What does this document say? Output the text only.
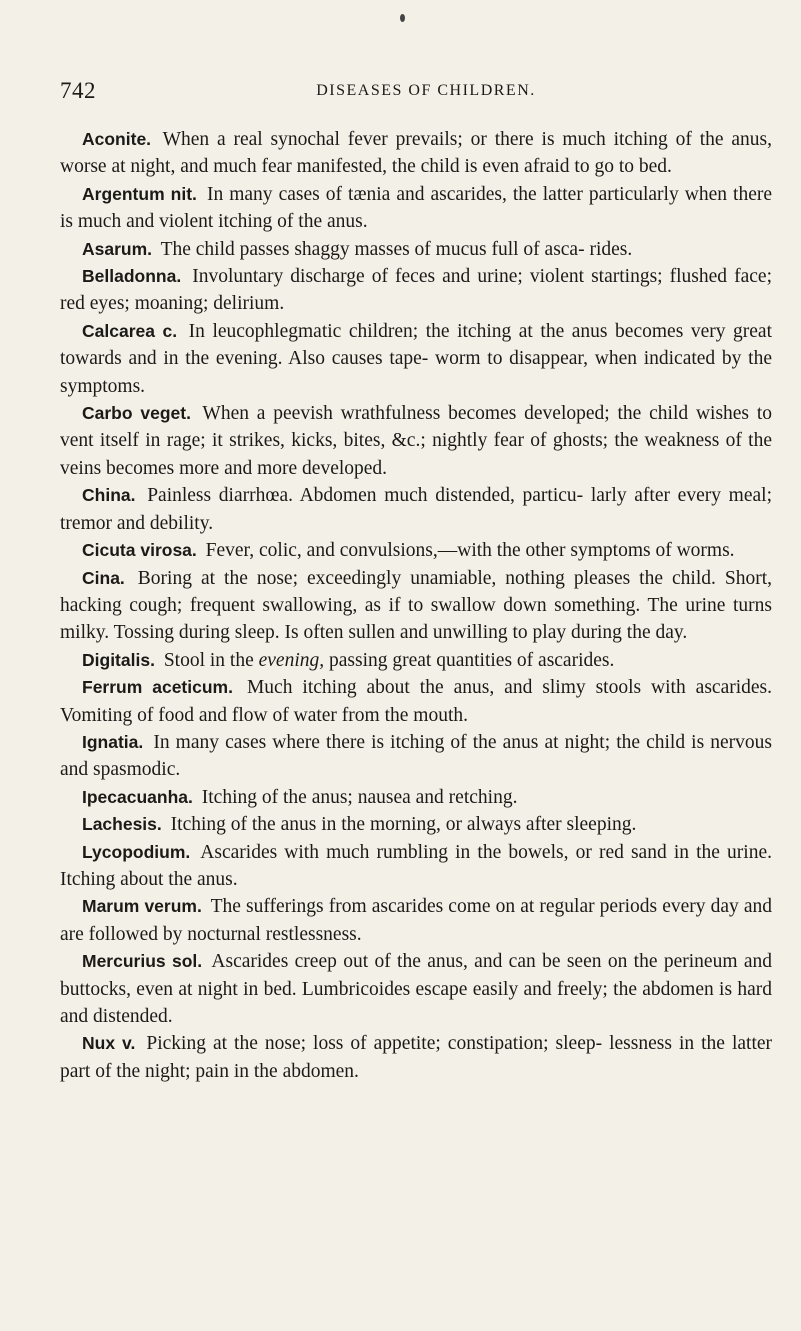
742	DISEASES OF CHILDREN.

Aconite. When a real synochal fever prevails; or there is much itching of the anus, worse at night, and much fear manifested, the child is even afraid to go to bed.

Argentum nit. In many cases of tænia and ascarides, the latter particularly when there is much and violent itching of the anus.

Asarum. The child passes shaggy masses of mucus full of asca- rides.

Belladonna. Involuntary discharge of feces and urine; violent startings; flushed face; red eyes; moaning; delirium.

Calcarea c. In leucophlegmatic children; the itching at the anus becomes very great towards and in the evening. Also causes tape- worm to disappear, when indicated by the symptoms.

Carbo veget. When a peevish wrathfulness becomes developed; the child wishes to vent itself in rage; it strikes, kicks, bites, &c.; nightly fear of ghosts; the weakness of the veins becomes more and more developed.

China. Painless diarrhœa. Abdomen much distended, particu- larly after every meal; tremor and debility.

Cicuta virosa. Fever, colic, and convulsions,—with the other symptoms of worms.

Cina. Boring at the nose; exceedingly unamiable, nothing pleases the child. Short, hacking cough; frequent swallowing, as if to swallow down something. The urine turns milky. Tossing during sleep. Is often sullen and unwilling to play during the day.

Digitalis. Stool in the evening, passing great quantities of ascarides.

Ferrum aceticum. Much itching about the anus, and slimy stools with ascarides. Vomiting of food and flow of water from the mouth.

Ignatia. In many cases where there is itching of the anus at night; the child is nervous and spasmodic.

Ipecacuanha. Itching of the anus; nausea and retching.

Lachesis. Itching of the anus in the morning, or always after sleeping.

Lycopodium. Ascarides with much rumbling in the bowels, or red sand in the urine. Itching about the anus.

Marum verum. The sufferings from ascarides come on at regular periods every day and are followed by nocturnal restlessness.

Mercurius sol. Ascarides creep out of the anus, and can be seen on the perineum and buttocks, even at night in bed. Lumbricoides escape easily and freely; the abdomen is hard and distended.

Nux v. Picking at the nose; loss of appetite; constipation; sleep- lessness in the latter part of the night; pain in the abdomen.
